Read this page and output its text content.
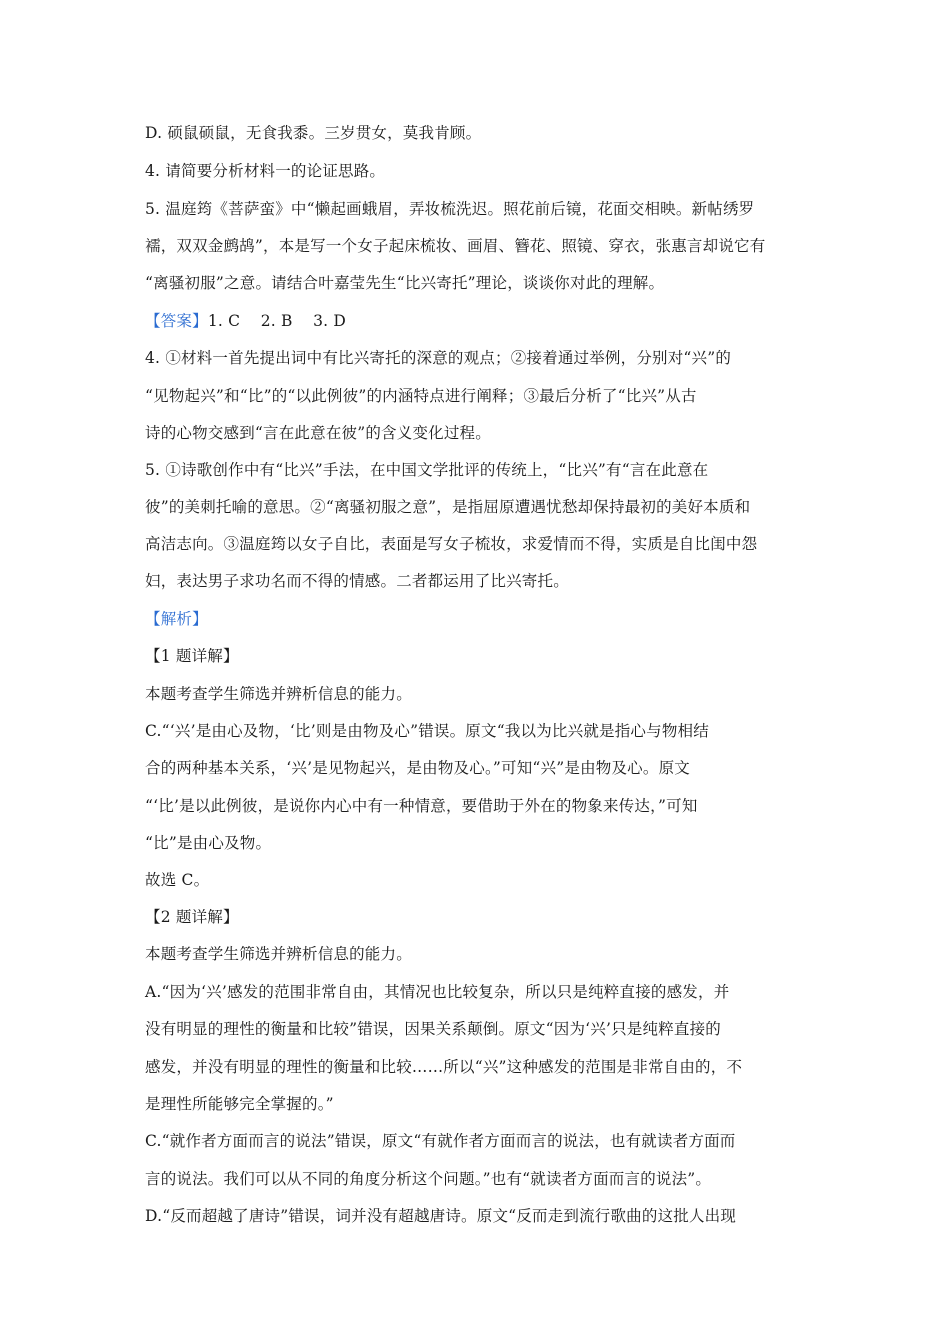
D. 硕鼠硕鼠，无食我黍。三岁贯女，莫我肯顾。
4. 请简要分析材料一的论证思路。
5. 温庭筠《菩萨蛮》中“懒起画蛾眉，弄妆梳洗迟。照花前后镜，花面交相映。新帖绣罗
襦，双双金鹧鸪”，本是写一个女子起床梳妆、画眉、簪花、照镜、穿衣，张惠言却说它有
“离骚初服”之意。请结合叶嘉莹先生“比兴寄托”理论，谈谈你对此的理解。
【答案】1. C    2. B    3. D
4. ①材料一首先提出词中有比兴寄托的深意的观点；②接着通过举例，分别对“兴”的
“见物起兴”和“比”的“以此例彼”的内涵特点进行阐释；③最后分析了“比兴”从古
诗的心物交感到“言在此意在彼”的含义变化过程。
5. ①诗歌创作中有“比兴”手法，在中国文学批评的传统上，“比兴”有“言在此意在
彼”的美刺托喻的意思。②“离骚初服之意”，是指屈原遭遇忧愁却保持最初的美好本质和
高洁志向。③温庭筠以女子自比，表面是写女子梳妆，求爱情而不得，实质是自比闺中怨
妇，表达男子求功名而不得的情感。二者都运用了比兴寄托。
【解析】
【1 题详解】
本题考查学生筛选并辨析信息的能力。
C.“‘兴’是由心及物，‘比’则是由物及心”错误。原文“我以为比兴就是指心与物相结
合的两种基本关系，‘兴’是见物起兴，是由物及心。”可知“兴”是由物及心。原文
“‘比’是以此例彼，是说你内心中有一种情意，要借助于外在的物象来传达，”可知
“比”是由心及物。
故选 C。
【2 题详解】
本题考查学生筛选并辨析信息的能力。
A.“因为‘兴’感发的范围非常自由，其情况也比较复杂，所以只是纯粹直接的感发，并
没有明显的理性的衡量和比较”错误，因果关系颠倒。原文“因为‘兴’只是纯粹直接的
感发，并没有明显的理性的衡量和比较……所以“兴”这种感发的范围是非常自由的，不
是理性所能够完全掌握的。”
C.“就作者方面而言的说法”错误，原文“有就作者方面而言的说法，也有就读者方面而
言的说法。我们可以从不同的角度分析这个问题。”也有“就读者方面而言的说法”。
D.“反而超越了唐诗”错误，词并没有超越唐诗。原文“反而走到流行歌曲的这批人出现
